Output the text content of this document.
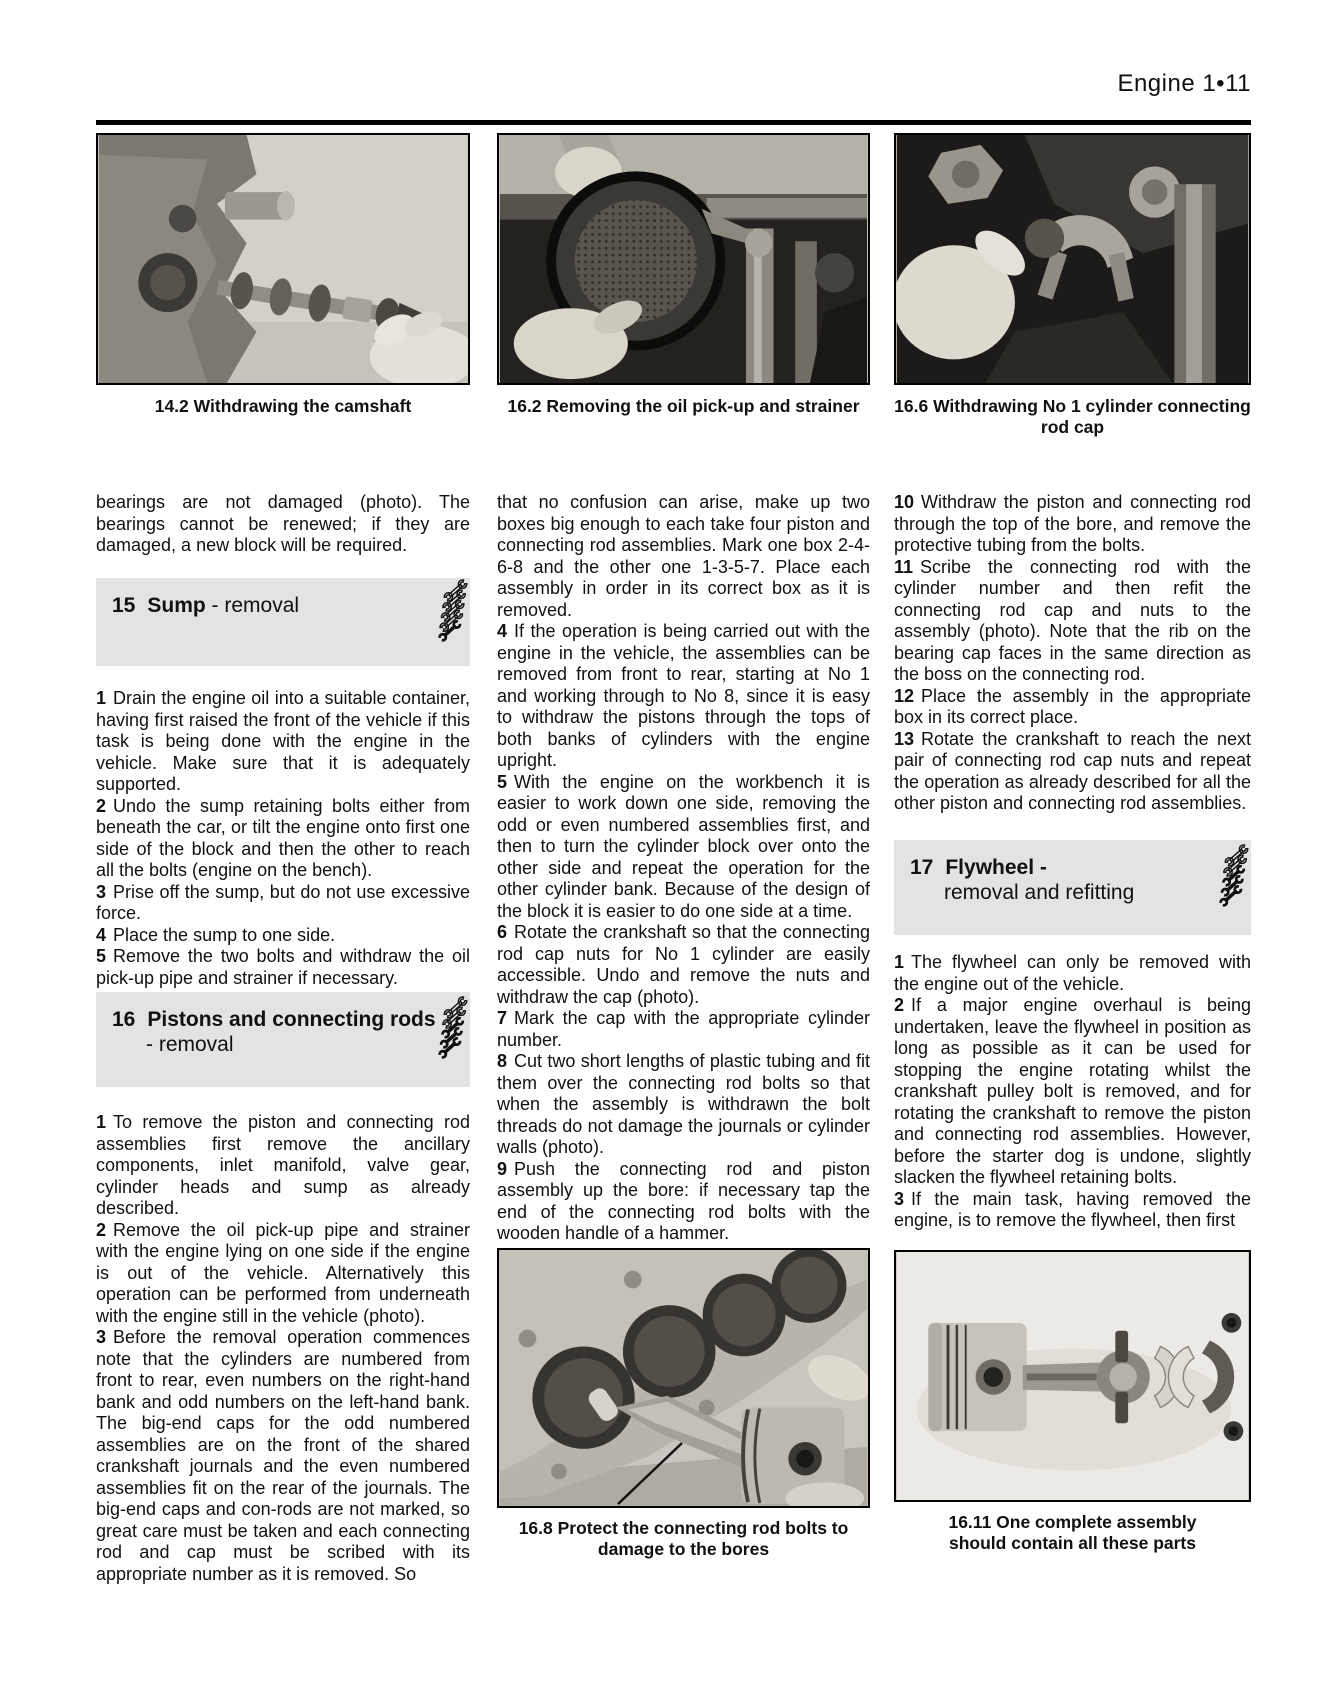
Engine 1•11
14.2 Withdrawing the camshaft	16.2 Removing the oil pick-up and strainer	16.6 Withdrawing No 1 cylinder connecting rod cap

bearings are not damaged (photo). The bearings cannot be renewed; if they are damaged, a new block will be required.

15 Sump - removal

1 Drain the engine oil into a suitable container, having first raised the front of the vehicle if this task is being done with the engine in the vehicle. Make sure that it is adequately supported.

2 Undo the sump retaining bolts either from beneath the car, or tilt the engine onto first one side of the block and then the other to reach all the bolts (engine on the bench).

3 Prise off the sump, but do not use excessive force.

4 Place the sump to one side.

5 Remove the two bolts and withdraw the oil pick-up pipe and strainer if necessary.

16 Pistons and connecting rods
- removal

1 To remove the piston and connecting rod assemblies first remove the ancillary components, inlet manifold, valve gear, cylinder heads and sump as already described.

2 Remove the oil pick-up pipe and strainer with the engine lying on one side if the engine is out of the vehicle. Alternatively this operation can be performed from underneath with the engine still in the vehicle (photo).

3 Before the removal operation commences note that the cylinders are numbered from front to rear, even numbers on the right-hand bank and odd numbers on the left-hand bank. The big-end caps for the odd numbered assemblies are on the front of the shared crankshaft journals and the even numbered assemblies fit on the rear of the journals. The big-end caps and con-rods are not marked, so great care must be taken and each connecting rod and cap must be scribed with its appropriate number as it is removed. So

that no confusion can arise, make up two boxes big enough to each take four piston and connecting rod assemblies. Mark one box 2-4-6-8 and the other one 1-3-5-7. Place each assembly in order in its correct box as it is removed.

4 If the operation is being carried out with the engine in the vehicle, the assemblies can be removed from front to rear, starting at No 1 and working through to No 8, since it is easy to withdraw the pistons through the tops of both banks of cylinders with the engine upright.

5 With the engine on the workbench it is easier to work down one side, removing the odd or even numbered assemblies first, and then to turn the cylinder block over onto the other side and repeat the operation for the other cylinder bank. Because of the design of the block it is easier to do one side at a time.

6 Rotate the crankshaft so that the connecting rod cap nuts for No 1 cylinder are easily accessible. Undo and remove the nuts and withdraw the cap (photo).

7 Mark the cap with the appropriate cylinder number.

8 Cut two short lengths of plastic tubing and fit them over the connecting rod bolts so that when the assembly is withdrawn the bolt threads do not damage the journals or cylinder walls (photo).

9 Push the connecting rod and piston assembly up the bore: if necessary tap the end of the connecting rod bolts with the wooden handle of a hammer.

16.8 Protect the connecting rod bolts to damage to the bores

10 Withdraw the piston and connecting rod through the top of the bore, and remove the protective tubing from the bolts.

11 Scribe the connecting rod with the cylinder number and then refit the connecting rod cap and nuts to the assembly (photo). Note that the rib on the bearing cap faces in the same direction as the boss on the connecting rod.

12 Place the assembly in the appropriate box in its correct place.

13 Rotate the crankshaft to reach the next pair of connecting rod cap nuts and repeat the operation as already described for all the other piston and connecting rod assemblies.

17 Flywheel -
removal and refitting

1 The flywheel can only be removed with the engine out of the vehicle.

2 If a major engine overhaul is being undertaken, leave the flywheel in position as long as possible as it can be used for stopping the engine rotating whilst the crankshaft pulley bolt is removed, and for rotating the crankshaft to remove the piston and connecting rod assemblies. However, before the starter dog is undone, slightly slacken the flywheel retaining bolts.

3 If the main task, having removed the engine, is to remove the flywheel, then first

16.11 One complete assembly should contain all these parts
